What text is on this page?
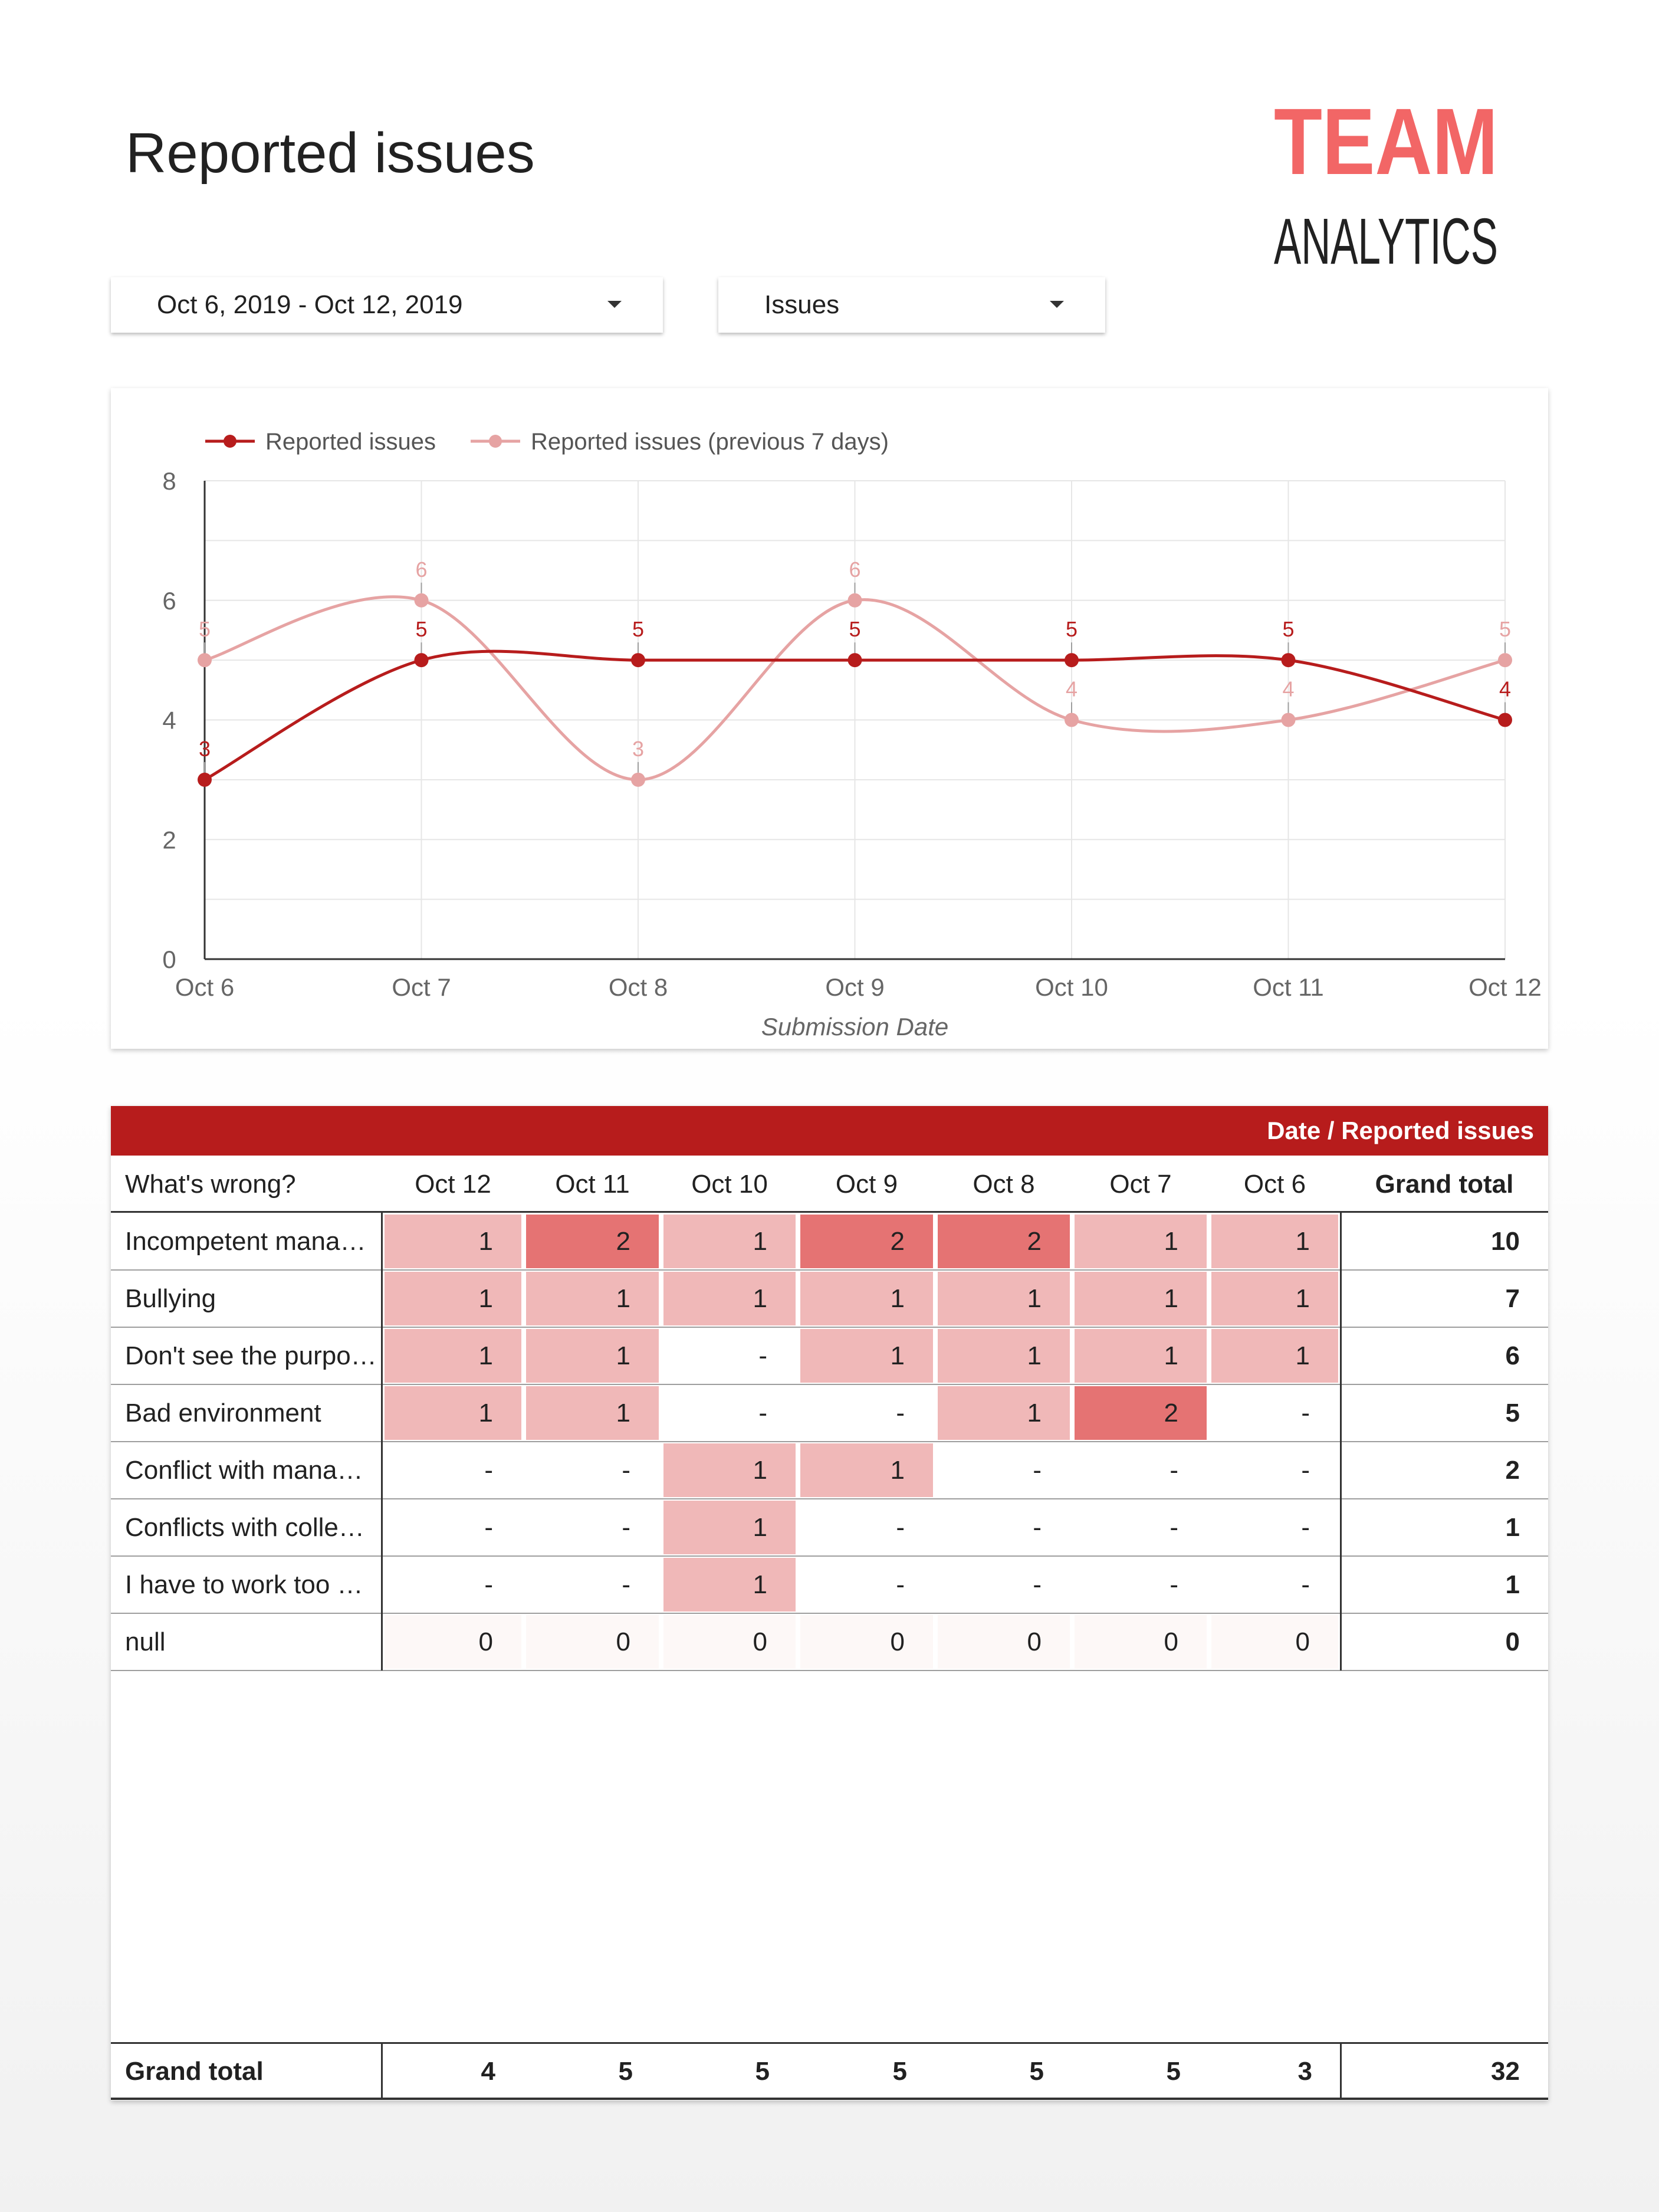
Reported issues	TEAM
ANALYTICS
Oct 6, 2019 - Oct 12, 2019	Issues
0
2
4
6
8
Oct 6	Oct 7	Oct 8	Oct 9	Oct 10	Oct 11	Oct 12
Submission Date
5
6
3
6
4	4
5
3
5	5	5	5	5
4
Reported issues	Reported issues (previous 7 days)
Date / Reported issues
What's wrong?	Oct 12	Oct 11	Oct 10	Oct 9	Oct 8	Oct 7	Oct 6	Grand total
Incompetent mana…	1	2	1	2	2	1	1	10
Bullying	1	1	1	1	1	1	1	7
Don't see the purpo…	1	1	-	1	1	1	1	6
Bad environment	1	1	-	-	1	2	-	5
Conflict with mana…	-	-	1	1	-	-	-	2
Conflicts with colle…	-	-	1	-	-	-	-	1
I have to work too …	-	-	1	-	-	-	-	1
null	0	0	0	0	0	0	0	0
Grand total	4	5	5	5	5	5	3	32
